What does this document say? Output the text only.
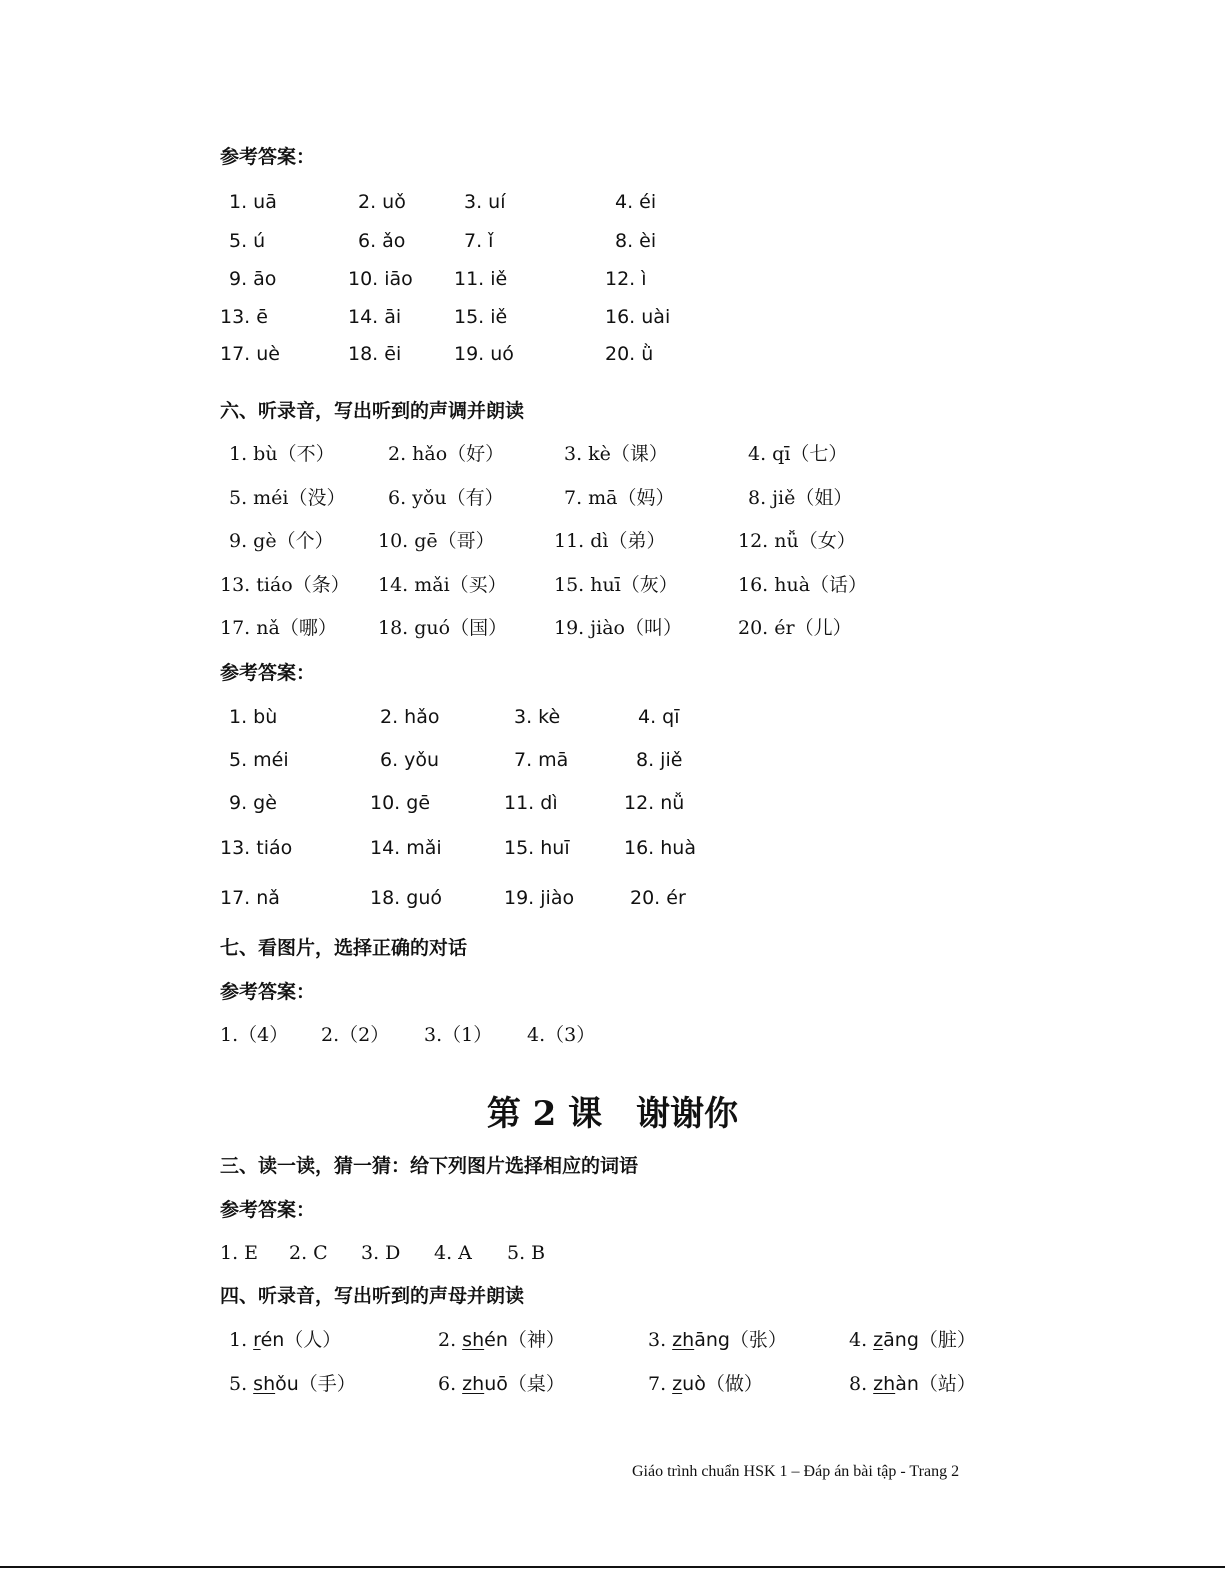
参考答案：
1. uā	2. uǒ	3. uí	4. éi
5. ú	6. ǎo	7. ǐ	8. èi
9. āo	10. iāo 11. iě	12. ì
13. ē	14. āi	15. iě	16. uài
17. uè	18. ēi	19. uó	20. ǜ
六、听录音，写出听到的声调并朗读
1. bù（不）	2. hǎo（好）	3. kè（课）	4. qī（七）
5. méi（没） 6. yǒu（有）	7. mā（妈）	8. jiě（姐）
9. gè（个） 10. gē（哥）	11. dì（弟）	12. nǚ（女）
13. tiáo（条） 14. mǎi（买） 15. huī（灰）	16. huà（话）
17. nǎ（哪） 18. guó（国） 19. jiào（叫）	20. ér（儿）
参考答案：
1. bù	2. hǎo	3. kè	4. qī
5. méi	6. yǒu	7. mā	8. jiě
9. gè	10. gē	11. dì	12. nǚ
13. tiáo	14. mǎi	15. huī	16. huà
17. nǎ	18. guó	19. jiào	20. ér
七、看图片，选择正确的对话
参考答案：
1.（4） 2.（2） 3.（1） 4.（3）
第 2 课　谢谢你
三、读一读，猜一猜：给下列图片选择相应的词语
参考答案：
1. E 2. C 3. D 4. A 5. B
四、听录音，写出听到的声母并朗读
1. rén（人）	2. shén（神）	3. zhāng（张）	4. zāng（脏）
5. shǒu（手）	6. zhuō（桌）	7. zuò（做）	8. zhàn（站）
Giáo trình chuẩn HSK 1 – Đáp án bài tập - Trang 2
